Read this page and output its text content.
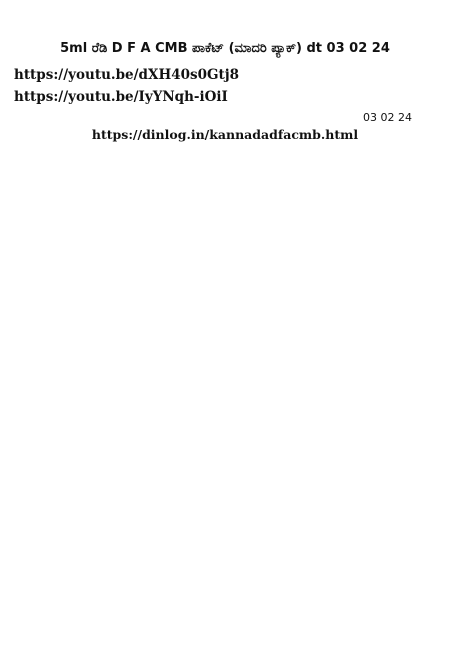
5ml ರೆಡಿ D F A CMB ಪಾಕೆಟ್ (ಮಾದರಿ ಪ್ಯಾಕ್) dt 03 02 24

https://youtu.be/dXH40s0Gtj8

https://youtu.be/IyYNqh-iOiI

03 02 24
https://dinlog.in/kannadadfacmb.html
